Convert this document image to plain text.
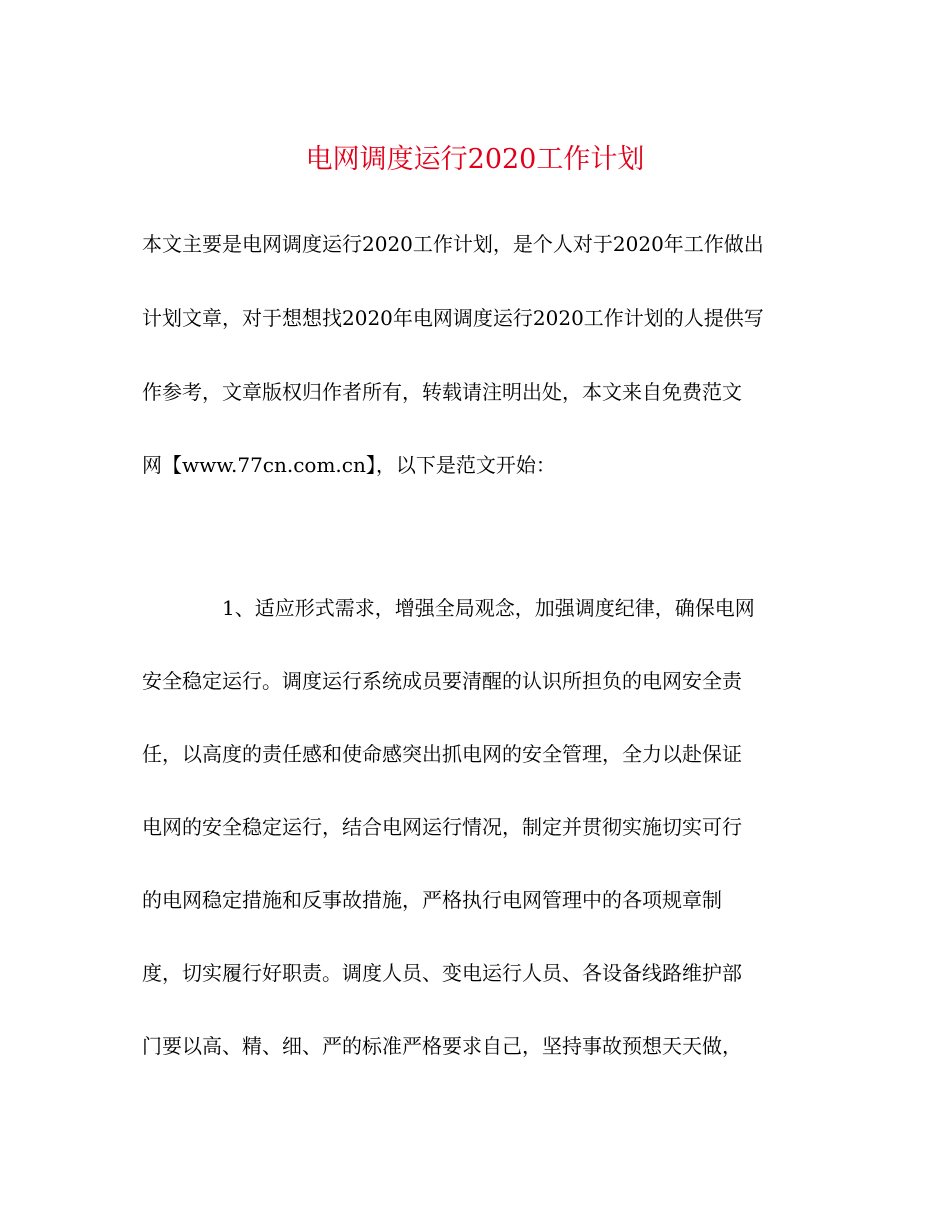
电网调度运行2020工作计划
本文主要是电网调度运行2020工作计划，是个人对于2020年工作做出
计划文章，对于想想找2020年电网调度运行2020工作计划的人提供写
作参考，文章版权归作者所有，转载请注明出处，本文来自免费范文
网【www.77cn.com.cn】，以下是范文开始：
1、适应形式需求，增强全局观念，加强调度纪律，确保电网
安全稳定运行。调度运行系统成员要清醒的认识所担负的电网安全责
任，以高度的责任感和使命感突出抓电网的安全管理，全力以赴保证
电网的安全稳定运行，结合电网运行情况，制定并贯彻实施切实可行
的电网稳定措施和反事故措施，严格执行电网管理中的各项规章制
度，切实履行好职责。调度人员、变电运行人员、各设备线路维护部
门要以高、精、细、严的标准严格要求自己，坚持事故预想天天做，
